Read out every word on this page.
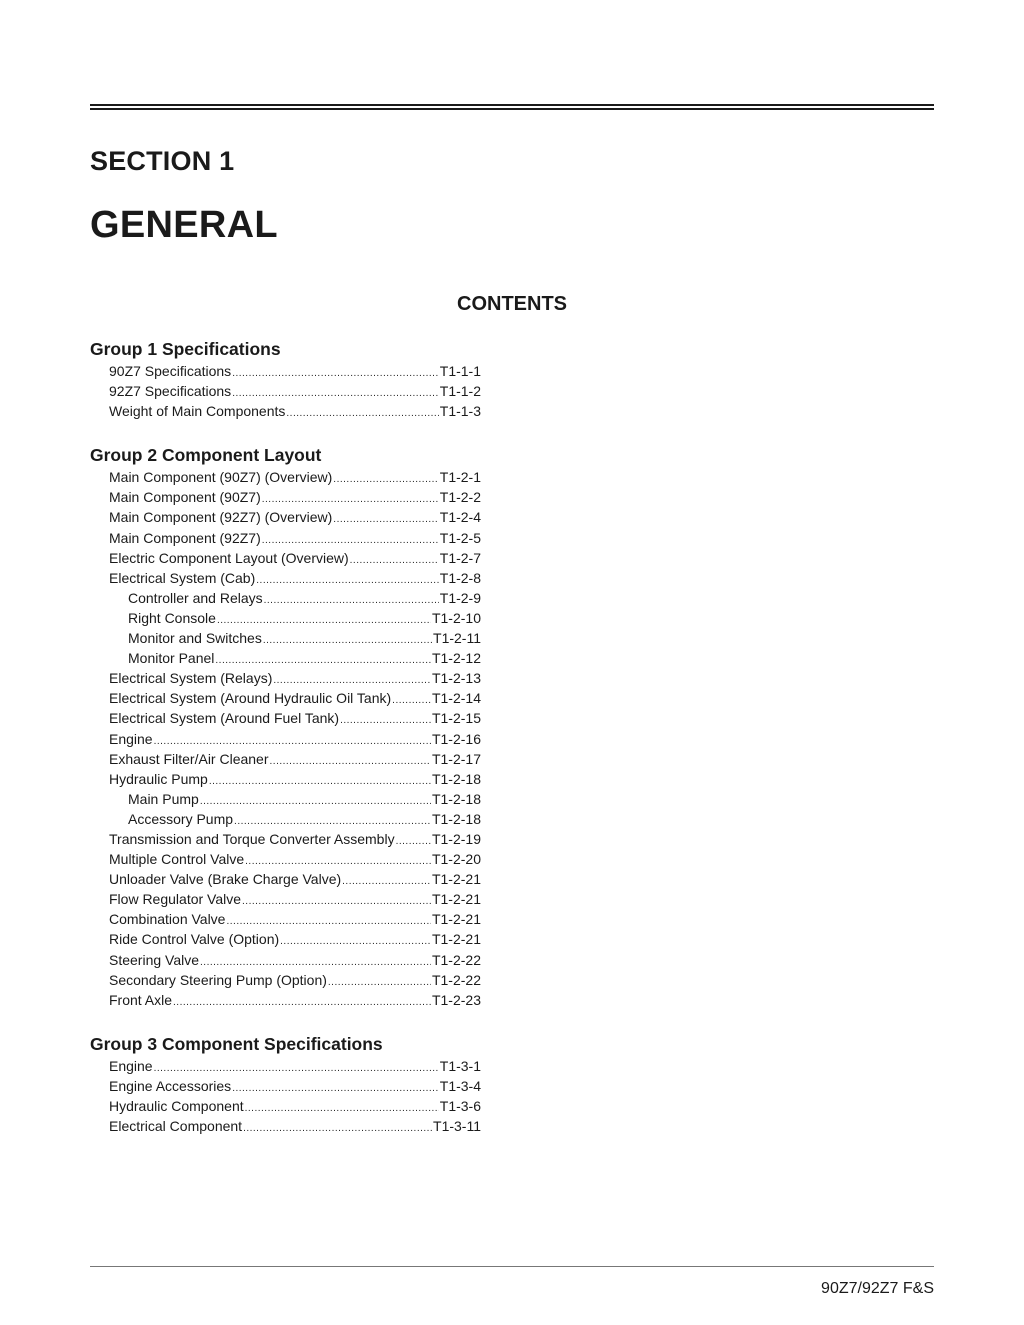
SECTION 1
GENERAL
CONTENTS
Group 1 Specifications
90Z7 Specifications .....	T1-1-1
92Z7 Specifications .....	T1-1-2
Weight of Main Components .....	T1-1-3
Group 2 Component Layout
Main Component (90Z7) (Overview) .....	T1-2-1
Main Component (90Z7) .....	T1-2-2
Main Component (92Z7) (Overview) .....	T1-2-4
Main Component (92Z7) .....	T1-2-5
Electric Component Layout (Overview) .....	T1-2-7
Electrical System (Cab) .....	T1-2-8
Controller and Relays .....	T1-2-9
Right Console .....	T1-2-10
Monitor and Switches .....	T1-2-11
Monitor Panel .....	T1-2-12
Electrical System (Relays) .....	T1-2-13
Electrical System (Around Hydraulic Oil Tank) .....	T1-2-14
Electrical System (Around Fuel Tank) .....	T1-2-15
Engine .....	T1-2-16
Exhaust Filter/Air Cleaner .....	T1-2-17
Hydraulic Pump .....	T1-2-18
Main Pump .....	T1-2-18
Accessory Pump .....	T1-2-18
Transmission and Torque Converter Assembly .....	T1-2-19
Multiple Control Valve .....	T1-2-20
Unloader Valve (Brake Charge Valve) .....	T1-2-21
Flow Regulator Valve .....	T1-2-21
Combination Valve .....	T1-2-21
Ride Control Valve (Option) .....	T1-2-21
Steering Valve .....	T1-2-22
Secondary Steering Pump (Option) .....	T1-2-22
Front Axle .....	T1-2-23
Group 3 Component Specifications
Engine .....	T1-3-1
Engine Accessories .....	T1-3-4
Hydraulic Component .....	T1-3-6
Electrical Component .....	T1-3-11
90Z7/92Z7 F&S
